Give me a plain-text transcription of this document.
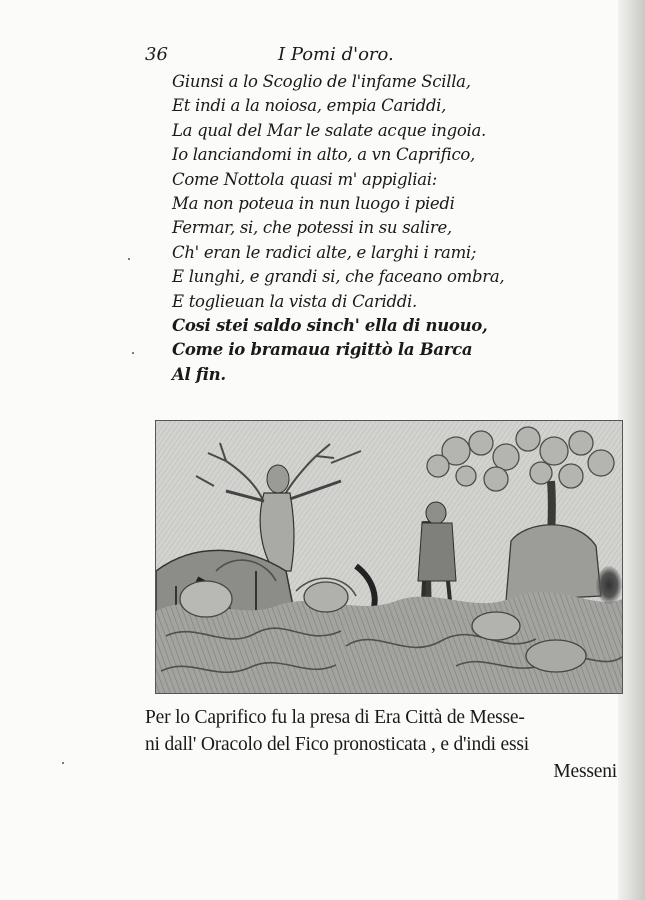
36	I Pomi d'oro.
Giunsi a lo Scoglio de l'infame Scilla,
Et indi a la noiosa, empia Cariddi,
La qual del Mar le salate acque ingoia.
Io lanciandomi in alto, a vn Caprifico,
Come Nottola quasi m' appigliai:
Ma non poteua in nun luogo i piedi
Fermar, si, che potessi in su salire,
Ch' eran le radici alte, e larghi i rami;
E lunghi, e grandi si, che faceano ombra,
E toglieuan la vista di Cariddi.
Cosi stei saldo sinch' ella di nuouo,
Come io bramaua rigittò la Barca
Al fin.
Per lo Caprifico fu la presa di Era Città de Messe-
ni dall' Oracolo del Fico pronosticata , e d'indi essi
Messeni
